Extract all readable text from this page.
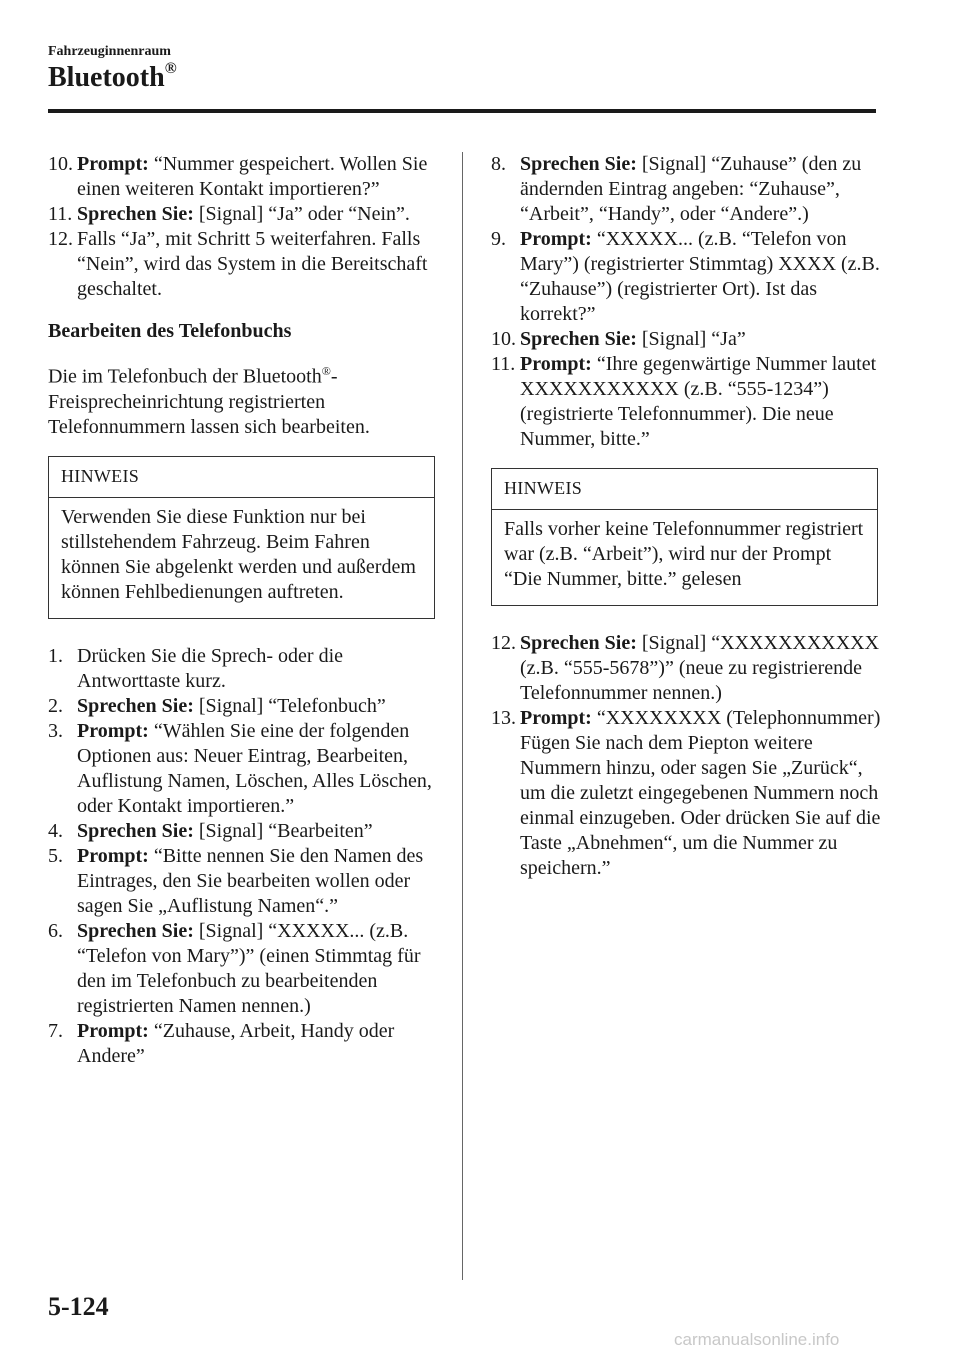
Fahrzeuginnenraum
Bluetooth®
10. Prompt: “Nummer gespeichert. Wollen Sie einen weiteren Kontakt importieren?”
11. Sprechen Sie: [Signal] “Ja” oder “Nein”.
12. Falls “Ja”, mit Schritt 5 weiterfahren. Falls “Nein”, wird das System in die Bereitschaft geschaltet.

Bearbeiten des Telefonbuchs

Die im Telefonbuch der Bluetooth®-Freisprecheinrichtung registrierten Telefonnummern lassen sich bearbeiten.

HINWEIS
Verwenden Sie diese Funktion nur bei stillstehendem Fahrzeug. Beim Fahren können Sie abgelenkt werden und außerdem können Fehlbedienungen auftreten.
1. Drücken Sie die Sprech- oder die Antworttaste kurz.
2. Sprechen Sie: [Signal] “Telefonbuch”
3. Prompt: “Wählen Sie eine der folgenden Optionen aus: Neuer Eintrag, Bearbeiten, Auflistung Namen, Löschen, Alles Löschen, oder Kontakt importieren.”
4. Sprechen Sie: [Signal] “Bearbeiten”
5. Prompt: “Bitte nennen Sie den Namen des Eintrages, den Sie bearbeiten wollen oder sagen Sie „Auflistung Namen“.”
6. Sprechen Sie: [Signal] “XXXXX... (z.B. “Telefon von Mary”)” (einen Stimmtag für den im Telefonbuch zu bearbeitenden registrierten Namen nennen.)
7. Prompt: “Zuhause, Arbeit, Handy oder Andere”
8. Sprechen Sie: [Signal] “Zuhause” (den zu ändernden Eintrag angeben: “Zuhause”, “Arbeit”, “Handy”, oder “Andere”.)
9. Prompt: “XXXXX... (z.B. “Telefon von Mary”) (registrierter Stimmtag) XXXX (z.B. “Zuhause”) (registrierter Ort). Ist das korrekt?”
10. Sprechen Sie: [Signal] “Ja”
11. Prompt: “Ihre gegenwärtige Nummer lautet XXXXXXXXXXX (z.B. “555-1234”) (registrierte Telefonnummer). Die neue Nummer, bitte.”
HINWEIS
Falls vorher keine Telefonnummer registriert war (z.B. “Arbeit”), wird nur der Prompt “Die Nummer, bitte.” gelesen
12. Sprechen Sie: [Signal] “XXXXXXXXXXX (z.B. “555-5678”)” (neue zu registrierende Telefonnummer nennen.)
13. Prompt: “XXXXXXXX (Telephonnummer) Fügen Sie nach dem Piepton weitere Nummern hinzu, oder sagen Sie „Zurück“, um die zuletzt eingegebenen Nummern noch einmal einzugeben. Oder drücken Sie auf die Taste „Abnehmen“, um die Nummer zu speichern.”
5-124
carmanualsonline.info
